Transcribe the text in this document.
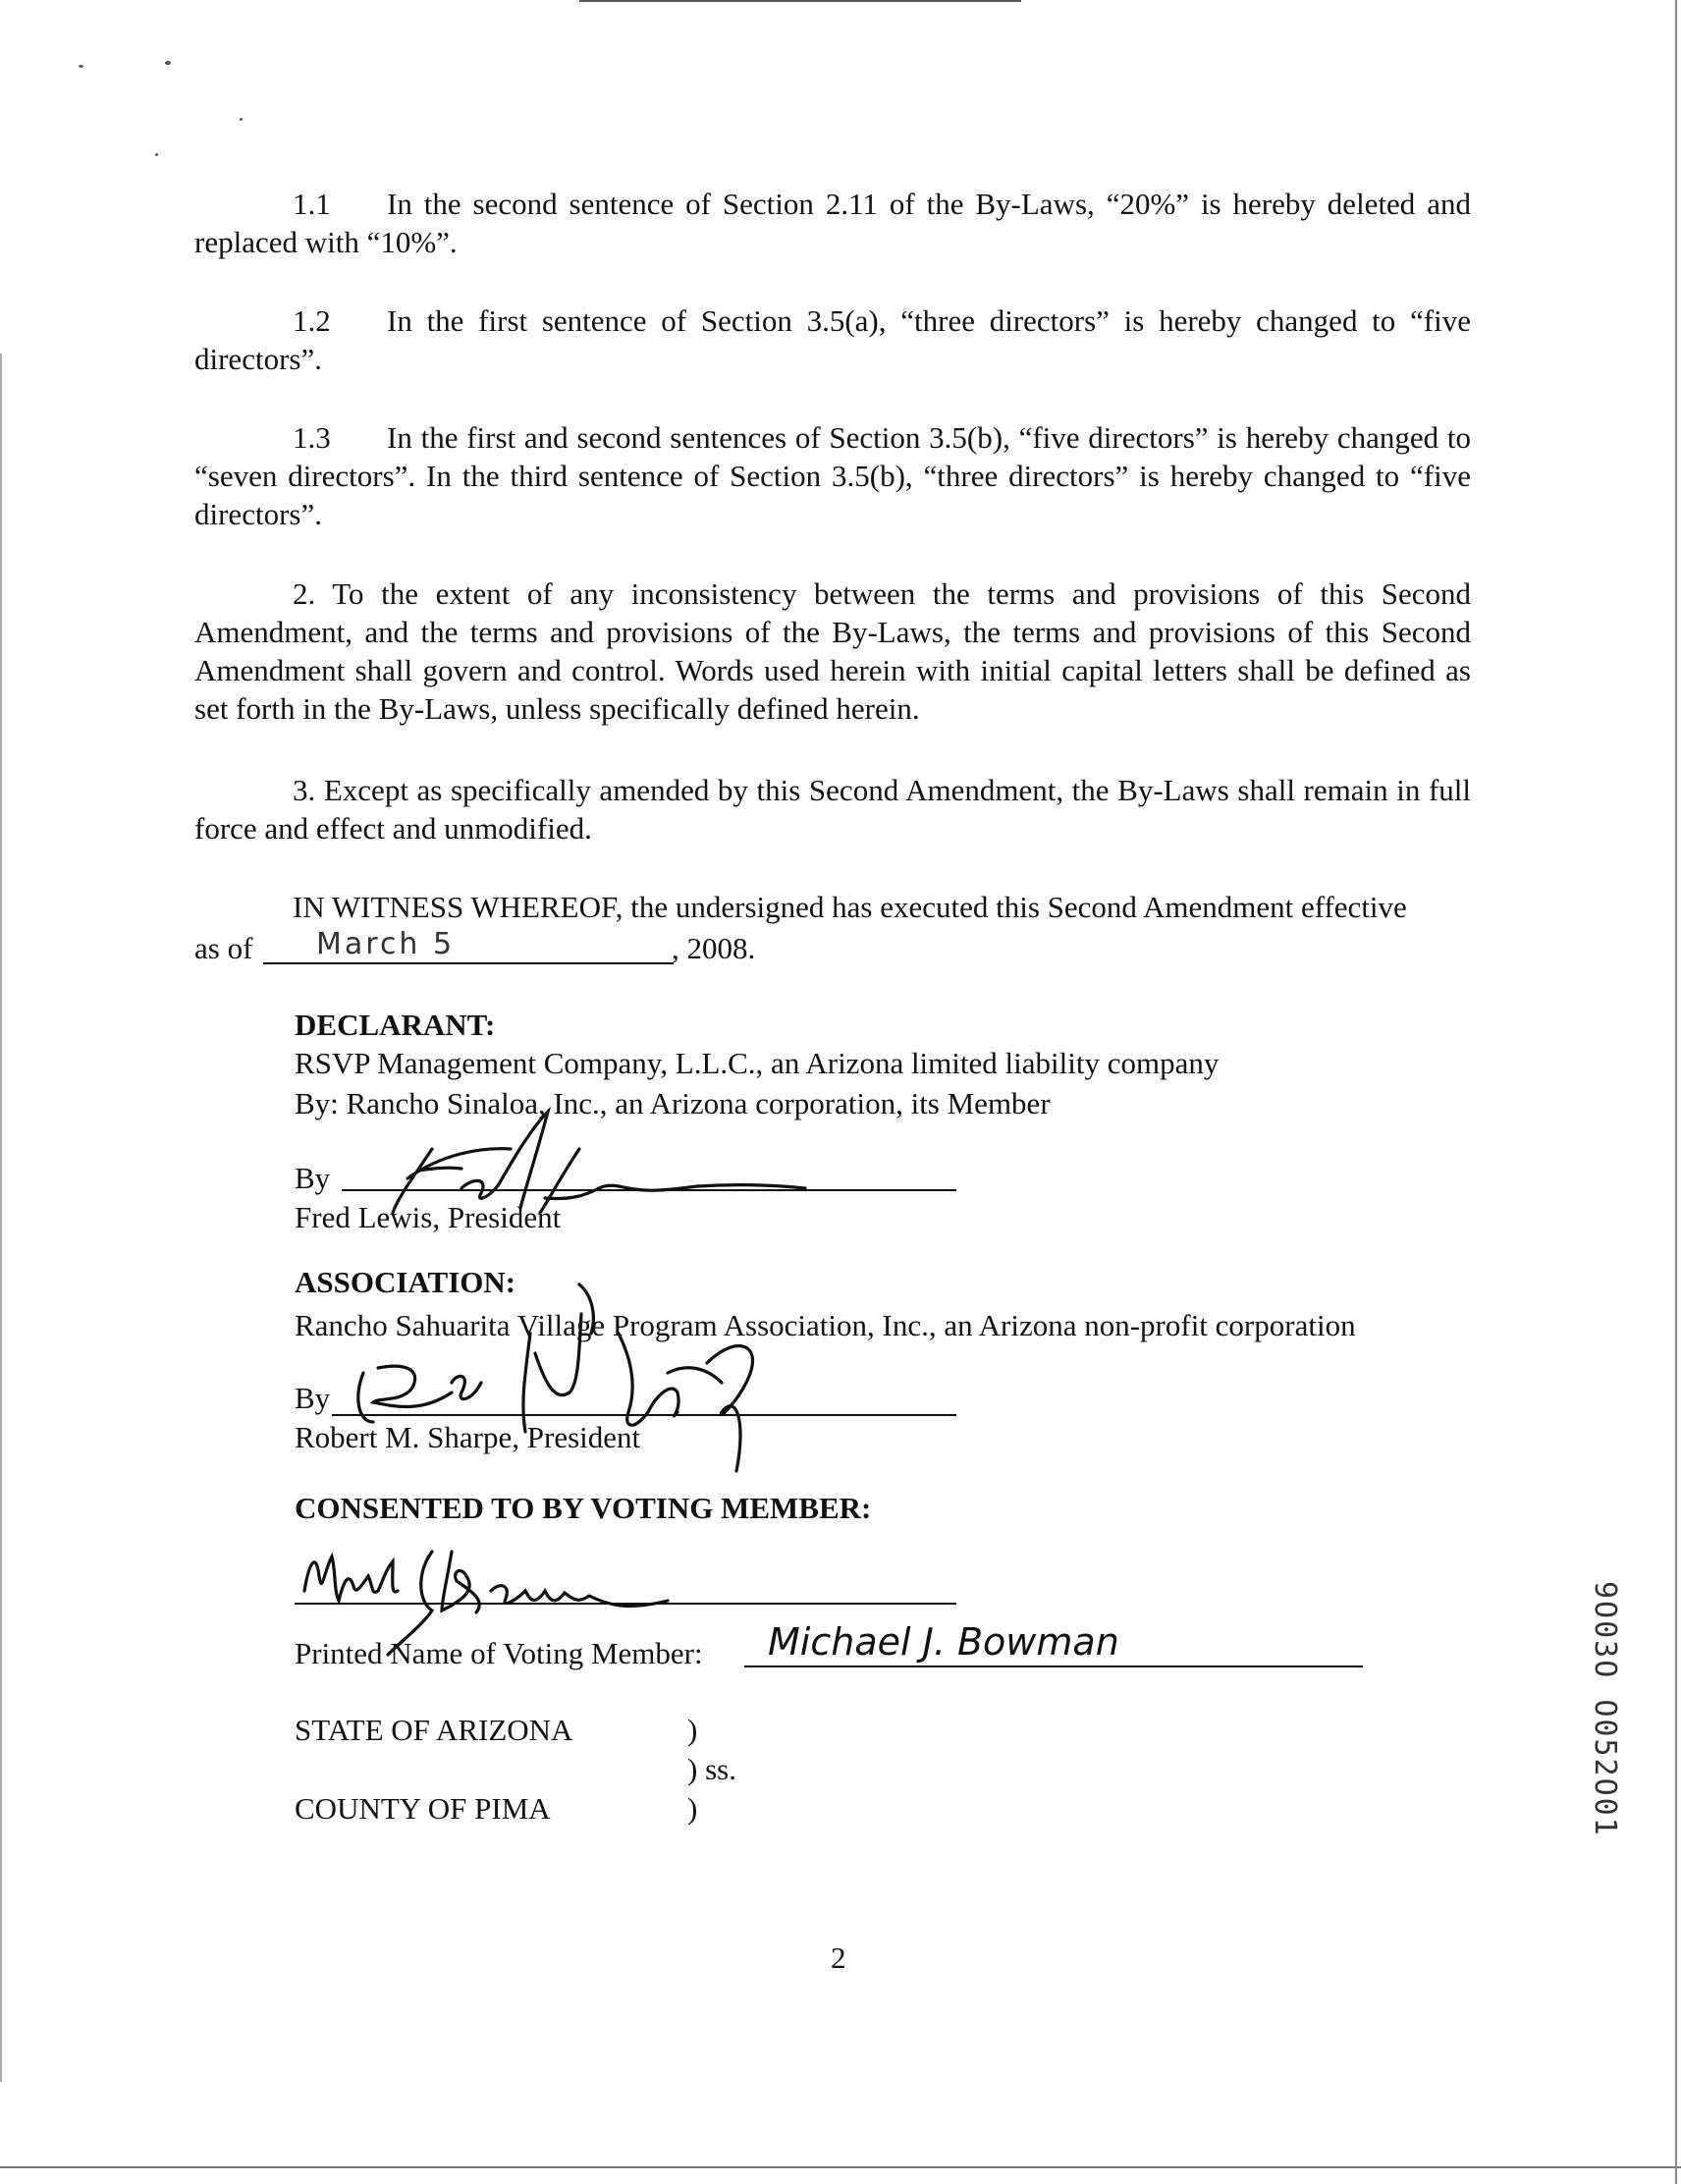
1.1 In the second sentence of Section 2.11 of the By-Laws, “20%” is hereby deleted and replaced with “10%”.
1.2 In the first sentence of Section 3.5(a), “three directors” is hereby changed to “five directors”.
1.3 In the first and second sentences of Section 3.5(b), “five directors” is hereby changed to “seven directors”. In the third sentence of Section 3.5(b), “three directors” is hereby changed to “five directors”.
2. To the extent of any inconsistency between the terms and provisions of this Second Amendment, and the terms and provisions of the By-Laws, the terms and provisions of this Second Amendment shall govern and control. Words used herein with initial capital letters shall be defined as set forth in the By-Laws, unless specifically defined herein.
3. Except as specifically amended by this Second Amendment, the By-Laws shall remain in full force and effect and unmodified.
IN WITNESS WHEREOF, the undersigned has executed this Second Amendment effective
as of March 5	, 2008.
DECLARANT:
RSVP Management Company, L.L.C., an Arizona limited liability company
By: Rancho Sinaloa, Inc., an Arizona corporation, its Member
By
Fred Lewis, President
ASSOCIATION:
Rancho Sahuarita Village Program Association, Inc., an Arizona non-profit corporation
By
Robert M. Sharpe, President
CONSENTED TO BY VOTING MEMBER:
Printed Name of Voting Member: Michael J. Bowman
STATE OF ARIZONA	)
) ss.
COUNTY OF PIMA	)	9O03O O052O01
2
